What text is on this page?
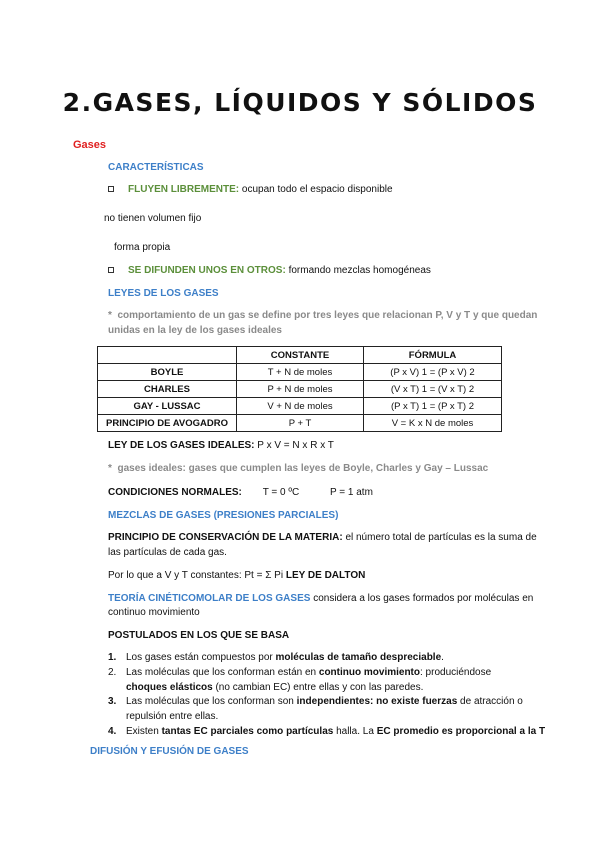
2.GASES, LÍQUIDOS Y SÓLIDOS
Gases
CARACTERÍSTICAS
FLUYEN LIBREMENTE: ocupan todo el espacio disponible
no tienen volumen fijo
forma propia
SE DIFUNDEN UNOS EN OTROS: formando mezclas homogéneas
LEYES DE LOS GASES
* comportamiento de un gas se define por tres leyes que relacionan P, V y T y que quedan
unidas en la ley de los gases ideales
	CONSTANTE	FÓRMULA
BOYLE	T + N de moles	(P x V) 1 = (P x V) 2
CHARLES	P + N de moles	(V x T) 1 = (V x T) 2
GAY - LUSSAC	V + N de moles	(P x T) 1 = (P x T) 2
PRINCIPIO DE AVOGADRO	P + T	V = K x N de moles
LEY DE LOS GASES IDEALES: P x V = N x R x T
* gases ideales: gases que cumplen las leyes de Boyle, Charles y Gay – Lussac
CONDICIONES NORMALES: T = 0 ºC	P = 1 atm
MEZCLAS DE GASES (PRESIONES PARCIALES)
PRINCIPIO DE CONSERVACIÓN DE LA MATERIA: el número total de partículas es la suma de
las partículas de cada gas.
Por lo que a V y T constantes: Pt = Σ Pi LEY DE DALTON
TEORÍA CINÉTICOMOLAR DE LOS GASES considera a los gases formados por moléculas en
continuo movimiento
POSTULADOS EN LOS QUE SE BASA
1. Los gases están compuestos por moléculas de tamaño despreciable.
2. Las moléculas que los conforman están en continuo movimiento: produciéndose
choques elásticos (no cambian EC) entre ellas y con las paredes.
3. Las moléculas que los conforman son independientes: no existe fuerzas de atracción o
repulsión entre ellas.
4. Existen tantas EC parciales como partículas halla. La EC promedio es proporcional a la T
DIFUSIÓN Y EFUSIÓN DE GASES
